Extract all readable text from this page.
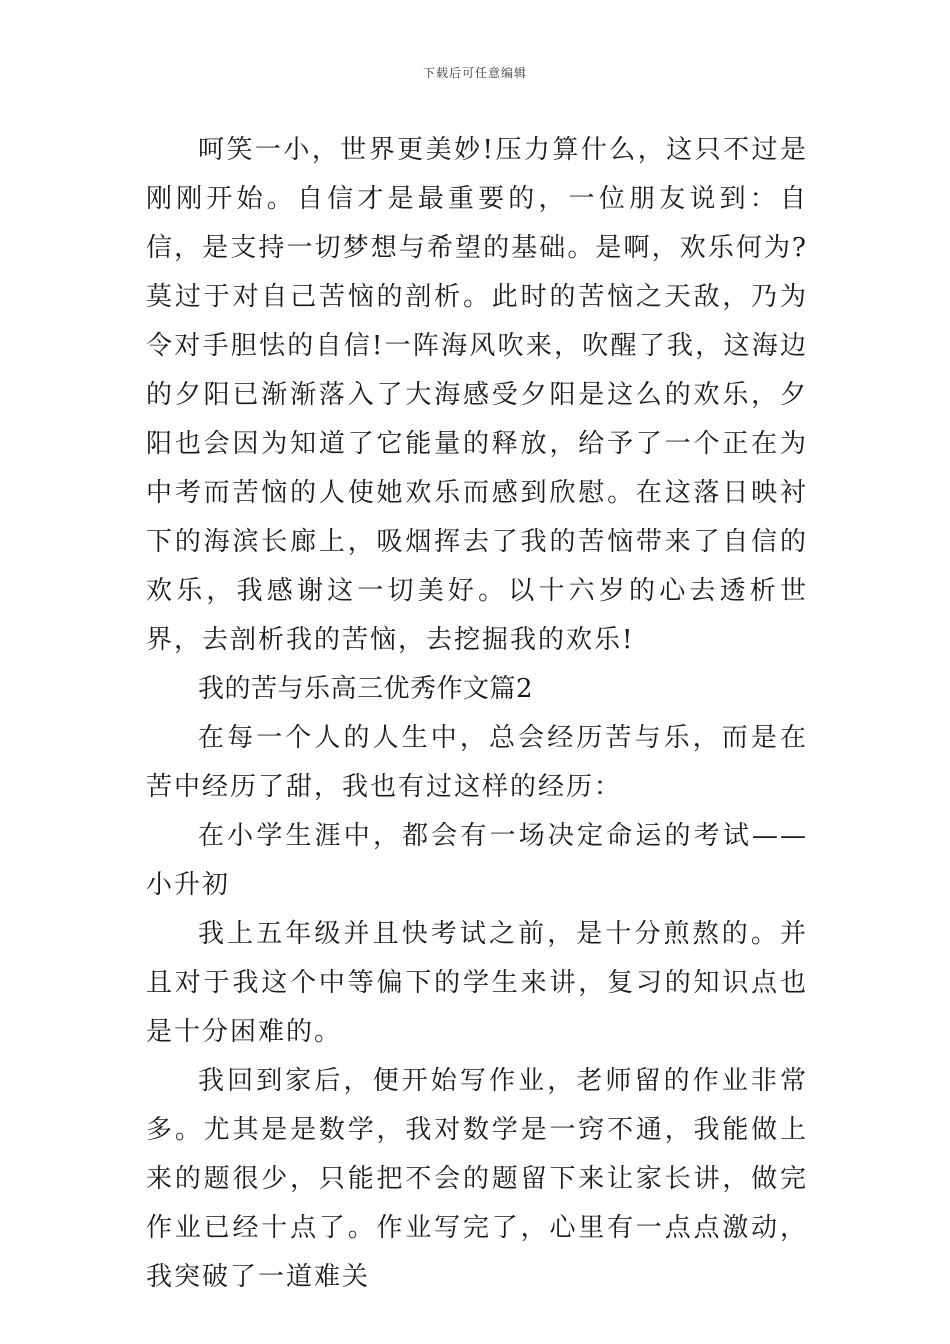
下载后可任意编辑

呵笑一小，世界更美妙!压力算什么，这只不过是刚刚开始。自信才是最重要的，一位朋友说到：自信，是支持一切梦想与希望的基础。是啊，欢乐何为?莫过于对自己苦恼的剖析。此时的苦恼之天敌，乃为令对手胆怯的自信!一阵海风吹来，吹醒了我，这海边的夕阳已渐渐落入了大海感受夕阳是这么的欢乐，夕阳也会因为知道了它能量的释放，给予了一个正在为中考而苦恼的人使她欢乐而感到欣慰。在这落日映衬下的海滨长廊上，吸烟挥去了我的苦恼带来了自信的欢乐，我感谢这一切美好。以十六岁的心去透析世界，去剖析我的苦恼，去挖掘我的欢乐!

我的苦与乐高三优秀作文篇2

在每一个人的人生中，总会经历苦与乐，而是在苦中经历了甜，我也有过这样的经历：

在小学生涯中，都会有一场决定命运的考试——小升初

我上五年级并且快考试之前，是十分煎熬的。并且对于我这个中等偏下的学生来讲，复习的知识点也是十分困难的。

我回到家后，便开始写作业，老师留的作业非常多。尤其是是数学，我对数学是一窍不通，我能做上来的题很少，只能把不会的题留下来让家长讲，做完作业已经十点了。作业写完了，心里有一点点激动，我突破了一道难关
